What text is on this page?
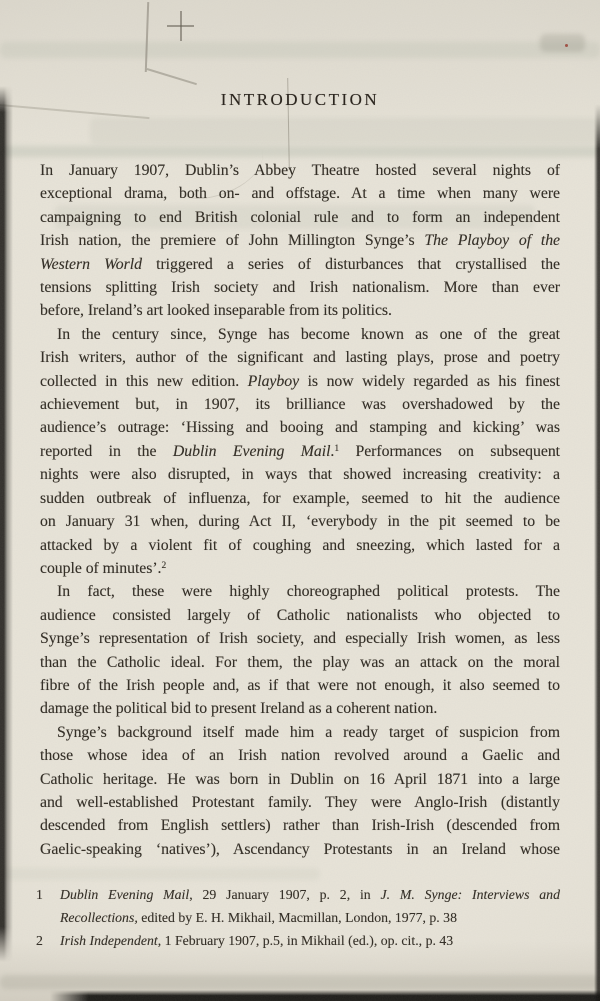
INTRODUCTION
In January 1907, Dublin’s Abbey Theatre hosted several nights of
exceptional drama, both on- and offstage. At a time when many were
campaigning to end British colonial rule and to form an independent
Irish nation, the premiere of John Millington Synge’s The Playboy of the
Western World triggered a series of disturbances that crystallised the
tensions splitting Irish society and Irish nationalism. More than ever
before, Ireland’s art looked inseparable from its politics.
In the century since, Synge has become known as one of the great
Irish writers, author of the significant and lasting plays, prose and poetry
collected in this new edition. Playboy is now widely regarded as his finest
achievement but, in 1907, its brilliance was overshadowed by the
audience’s outrage: ‘Hissing and booing and stamping and kicking’ was
reported in the Dublin Evening Mail.$^1$ Performances on subsequent
nights were also disrupted, in ways that showed increasing creativity: a
sudden outbreak of influenza, for example, seemed to hit the audience
on January 31 when, during Act II, ‘everybody in the pit seemed to be
attacked by a violent fit of coughing and sneezing, which lasted for a
couple of minutes’.$^2$
In fact, these were highly choreographed political protests. The
audience consisted largely of Catholic nationalists who objected to
Synge’s representation of Irish society, and especially Irish women, as less
than the Catholic ideal. For them, the play was an attack on the moral
fibre of the Irish people and, as if that were not enough, it also seemed to
damage the political bid to present Ireland as a coherent nation.
Synge’s background itself made him a ready target of suspicion from
those whose idea of an Irish nation revolved around a Gaelic and
Catholic heritage. He was born in Dublin on 16 April 1871 into a large
and well-established Protestant family. They were Anglo-Irish (distantly
descended from English settlers) rather than Irish-Irish (descended from
Gaelic-speaking ‘natives’), Ascendancy Protestants in an Ireland whose
1	Dublin Evening Mail, 29 January 1907, p. 2, in J. M. Synge: Interviews and
Recollections, edited by E. H. Mikhail, Macmillan, London, 1977, p. 38
2	Irish Independent, 1 February 1907, p.5, in Mikhail (ed.), op. cit., p. 43
